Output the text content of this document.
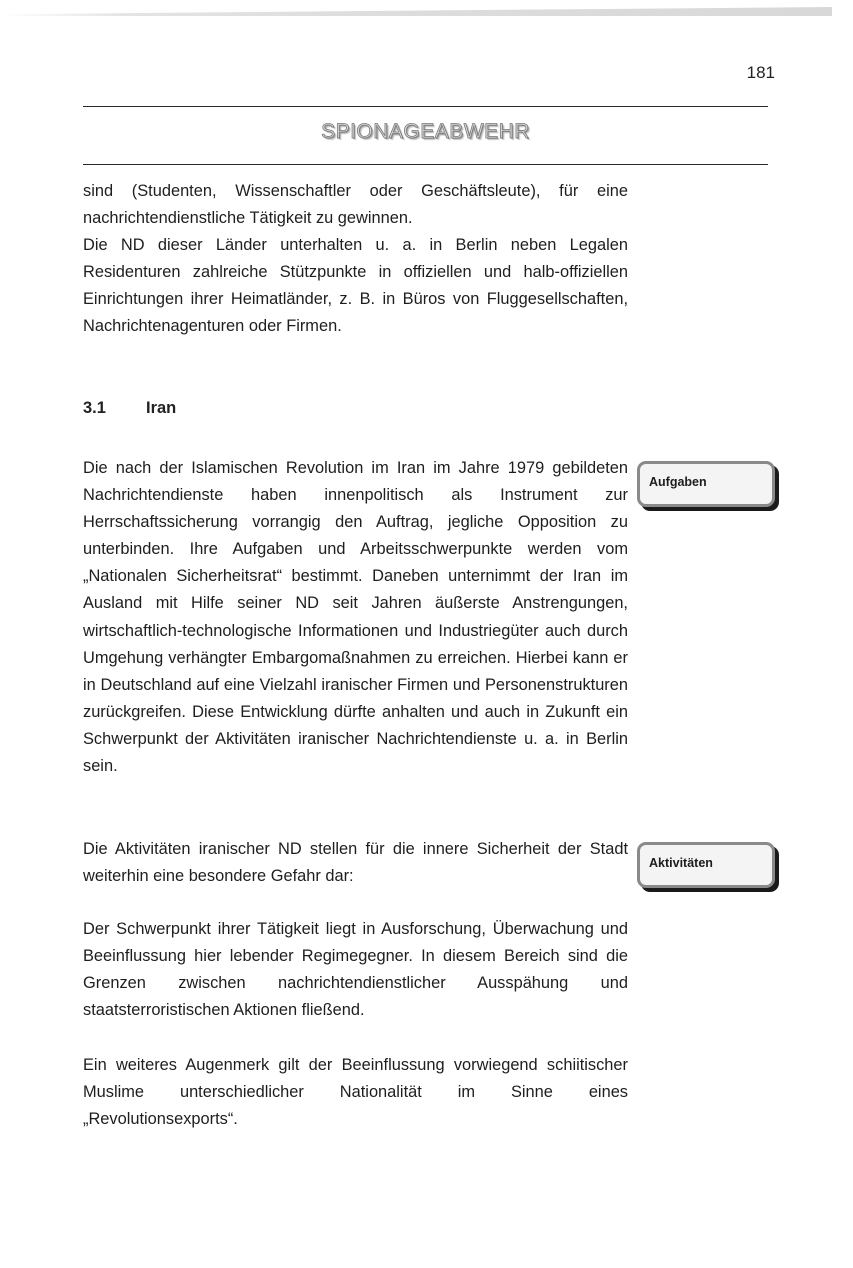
181
SPIONAGEABWEHR

sind (Studenten, Wissenschaftler oder Geschäftsleute), für eine nachrichtendienstliche Tätigkeit zu gewinnen.

Die ND dieser Länder unterhalten u. a. in Berlin neben Legalen Residenturen zahlreiche Stützpunkte in offiziellen und halb-offiziellen Einrichtungen ihrer Heimatländer, z. B. in Büros von Fluggesellschaften, Nachrichtenagenturen oder Firmen.

3.1 Iran

Die nach der Islamischen Revolution im Iran im Jahre 1979 gebildeten Nachrichtendienste haben innenpolitisch als Instrument zur Herrschaftssicherung vorrangig den Auftrag, jegliche Opposition zu unterbinden. Ihre Aufgaben und Arbeitsschwerpunkte werden vom „Nationalen Sicherheitsrat“ bestimmt. Daneben unternimmt der Iran im Ausland mit Hilfe seiner ND seit Jahren äußerste Anstrengungen, wirtschaftlich-technologische Informationen und Industriegüter auch durch Umgehung verhängter Embargomaßnahmen zu erreichen. Hierbei kann er in Deutschland auf eine Vielzahl iranischer Firmen und Personenstrukturen zurückgreifen. Diese Entwicklung dürfte anhalten und auch in Zukunft ein Schwerpunkt der Aktivitäten iranischer Nachrichtendienste u. a. in Berlin sein.

Die Aktivitäten iranischer ND stellen für die innere Sicherheit der Stadt weiterhin eine besondere Gefahr dar:

Der Schwerpunkt ihrer Tätigkeit liegt in Ausforschung, Überwachung und Beeinflussung hier lebender Regimegegner. In diesem Bereich sind die Grenzen zwischen nachrichtendienstlicher Ausspähung und staatsterroristischen Aktionen fließend.

Ein weiteres Augenmerk gilt der Beeinflussung vorwiegend schiitischer Muslime unterschiedlicher Nationalität im Sinne eines „Revolutionsexports“.

Aufgaben
Aktivitäten
